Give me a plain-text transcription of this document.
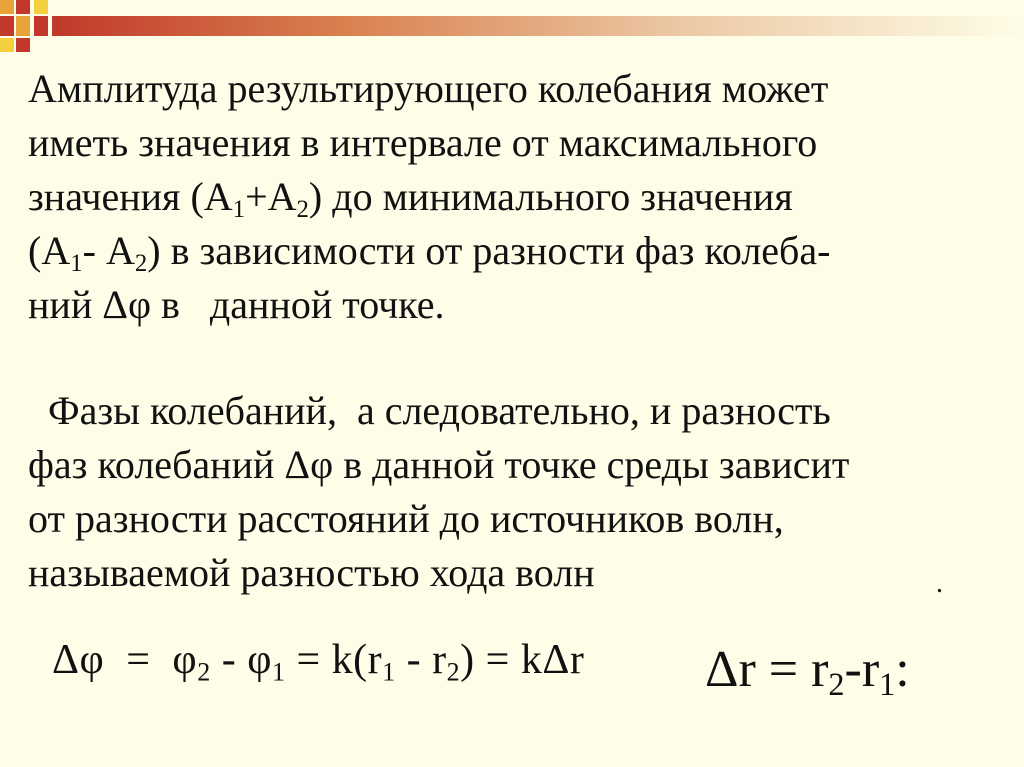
Амплитуда результирующего колебания может
иметь значения в интервале от максимального
значения $(А_1+А_2)$ до минимального значения
($А_1-$ $А_2$) в зависимости от разности фаз колеба-
ний Δφ в   данной точке.

Фазы колебаний,  а следовательно, и разность
фаз колебаний Δφ в данной точке среды зависит
от разности расстояний до источников волн,
называемой разностью хода волн	.
$\Delta\varphi = \varphi_2 - \varphi_1 = k(r_1 - r_2) = k\Delta r$ $\Delta r = r_2-r_1$:
